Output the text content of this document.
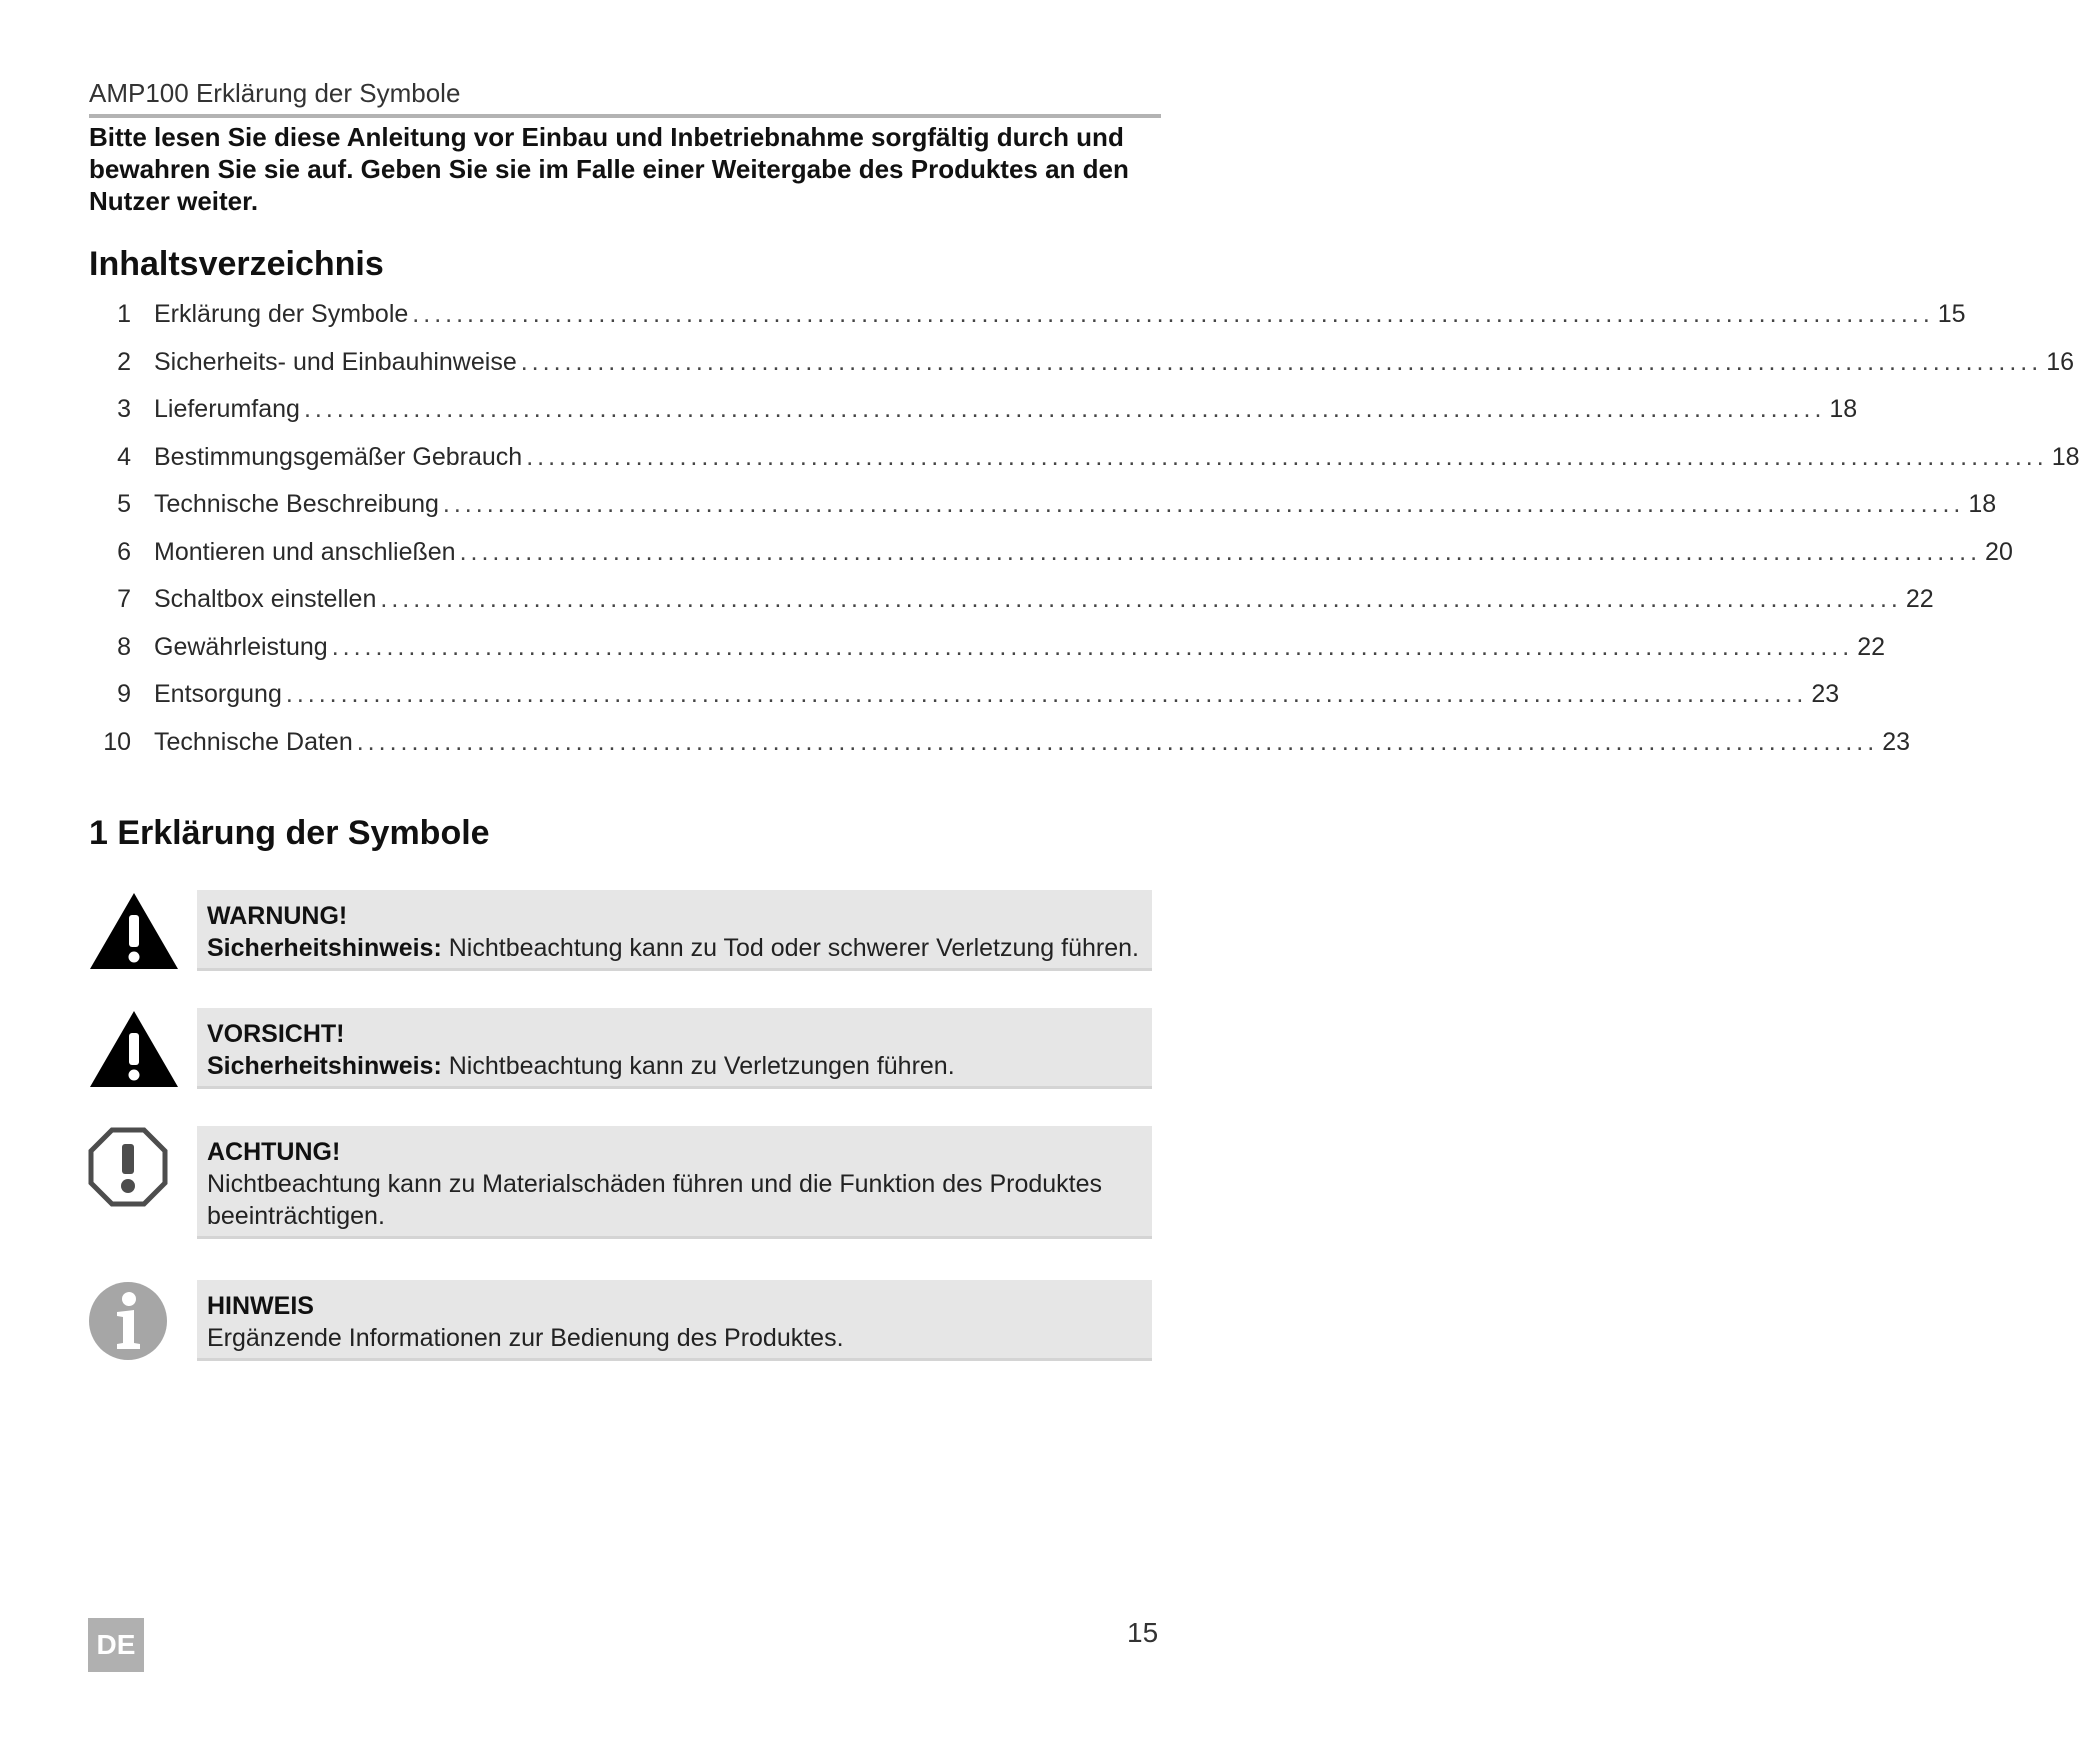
AMP100 Erklärung der Symbole
Bitte lesen Sie diese Anleitung vor Einbau und Inbetriebnahme sorgfältig durch und bewahren Sie sie auf. Geben Sie sie im Falle einer Weitergabe des Produktes an den Nutzer weiter.
Inhaltsverzeichnis
1 Erklärung der Symbole ........................................................................................................................................... 15
2 Sicherheits- und Einbauhinweise ........................................................................................................................................... 16
3 Lieferumfang ........................................................................................................................................... 18
4 Bestimmungsgemäßer Gebrauch ........................................................................................................................................... 18
5 Technische Beschreibung ........................................................................................................................................... 18
6 Montieren und anschließen ........................................................................................................................................... 20
7 Schaltbox einstellen ........................................................................................................................................... 22
8 Gewährleistung ........................................................................................................................................... 22
9 Entsorgung ........................................................................................................................................... 23
10 Technische Daten ........................................................................................................................................... 23
1 Erklärung der Symbole
WARNUNG!
Sicherheitshinweis: Nichtbeachtung kann zu Tod oder schwerer Verletzung führen.
VORSICHT!
Sicherheitshinweis: Nichtbeachtung kann zu Verletzungen führen.
ACHTUNG!
Nichtbeachtung kann zu Materialschäden führen und die Funktion des Produktes beeinträchtigen.
HINWEIS
Ergänzende Informationen zur Bedienung des Produktes.
15
DE
